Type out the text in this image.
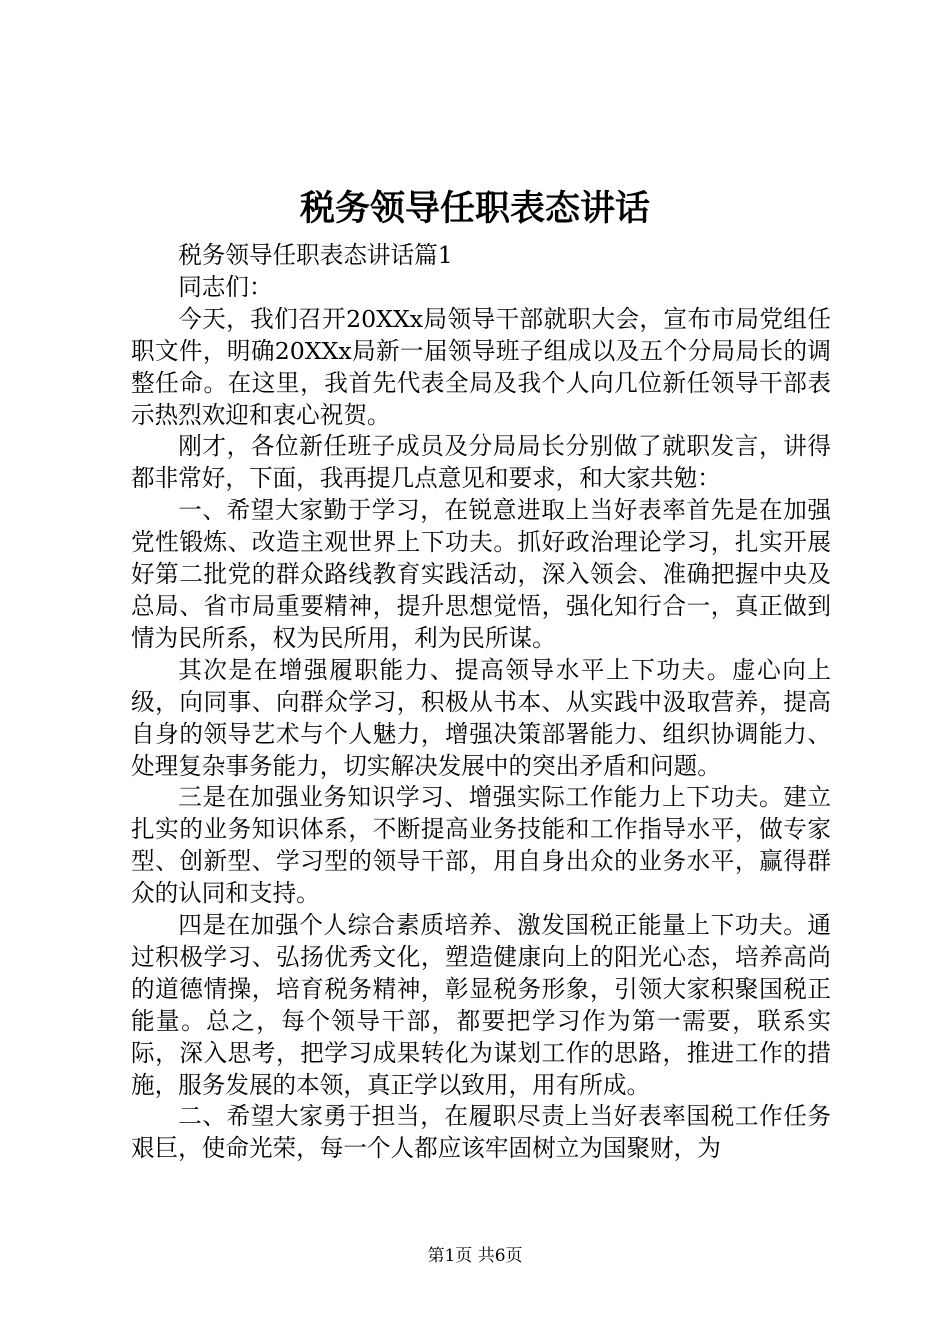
税务领导任职表态讲话

税务领导任职表态讲话篇1

同志们：

今天，我们召开20XXx局领导干部就职大会，宣布市局党组任职文件，明确20XXx局新一届领导班子组成以及五个分局局长的调整任命。在这里，我首先代表全局及我个人向几位新任领导干部表示热烈欢迎和衷心祝贺。

刚才，各位新任班子成员及分局局长分别做了就职发言，讲得都非常好，下面，我再提几点意见和要求，和大家共勉：

一、希望大家勤于学习，在锐意进取上当好表率首先是在加强党性锻炼、改造主观世界上下功夫。抓好政治理论学习，扎实开展好第二批党的群众路线教育实践活动，深入领会、准确把握中央及总局、省市局重要精神，提升思想觉悟，强化知行合一，真正做到情为民所系，权为民所用，利为民所谋。

其次是在增强履职能力、提高领导水平上下功夫。虚心向上级，向同事、向群众学习，积极从书本、从实践中汲取营养，提高自身的领导艺术与个人魅力，增强决策部署能力、组织协调能力、处理复杂事务能力，切实解决发展中的突出矛盾和问题。

三是在加强业务知识学习、增强实际工作能力上下功夫。建立扎实的业务知识体系，不断提高业务技能和工作指导水平，做专家型、创新型、学习型的领导干部，用自身出众的业务水平，赢得群众的认同和支持。

四是在加强个人综合素质培养、激发国税正能量上下功夫。通过积极学习、弘扬优秀文化，塑造健康向上的阳光心态，培养高尚的道德情操，培育税务精神，彰显税务形象，引领大家积聚国税正能量。总之，每个领导干部，都要把学习作为第一需要，联系实际，深入思考，把学习成果转化为谋划工作的思路，推进工作的措施，服务发展的本领，真正学以致用，用有所成。

二、希望大家勇于担当，在履职尽责上当好表率国税工作任务艰巨，使命光荣，每一个人都应该牢固树立为国聚财，为

第1页 共6页
